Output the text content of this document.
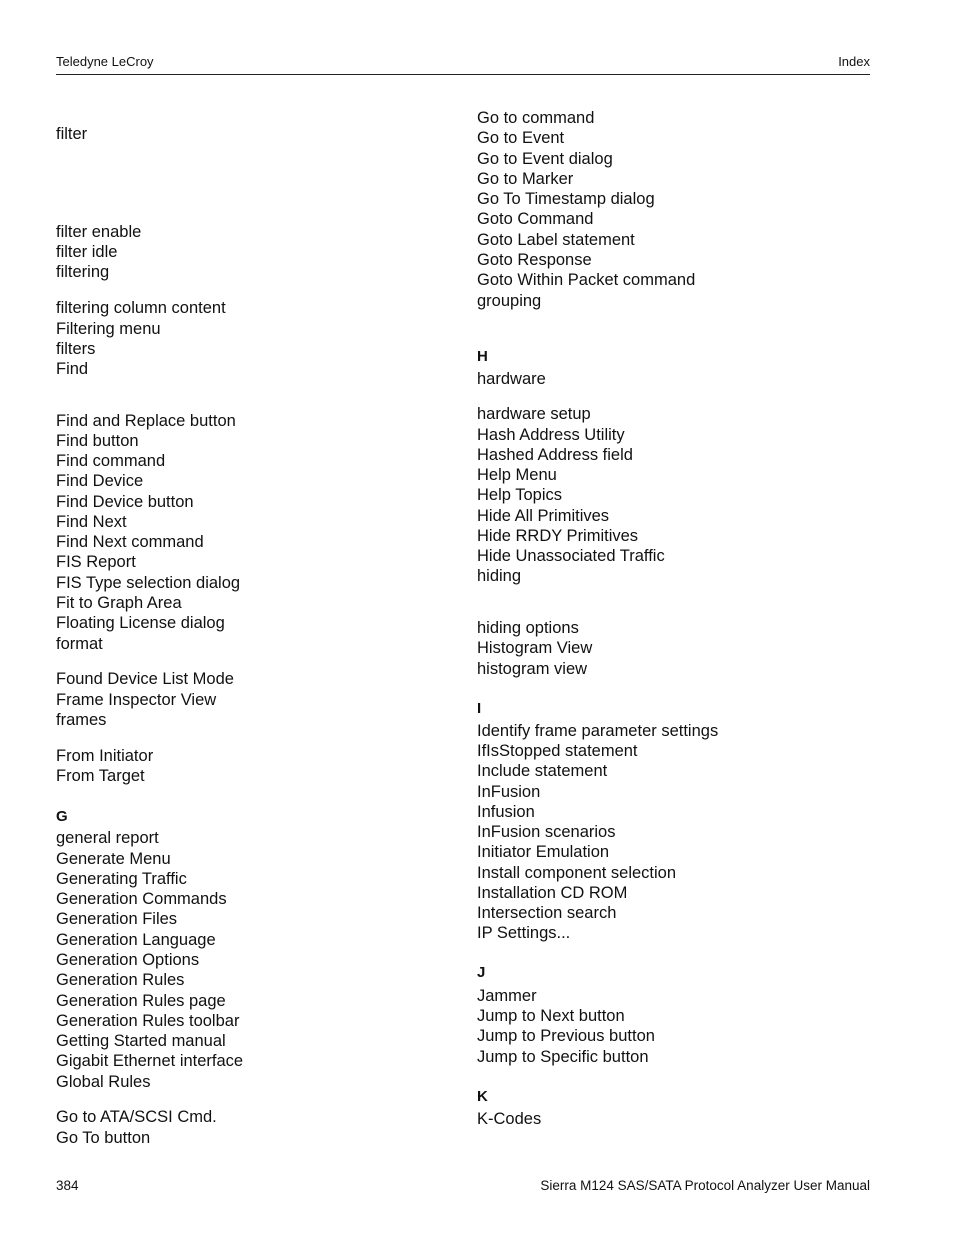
Teledyne LeCroy	Index
filter
filter enable
filter idle
filtering
filtering column content
Filtering menu
filters
Find
Find and Replace button
Find button
Find command
Find Device
Find Device button
Find Next
Find Next command
FIS Report
FIS Type selection dialog
Fit to Graph Area
Floating License dialog
format
Found Device List Mode
Frame Inspector View
frames
From Initiator
From Target
G
general report
Generate Menu
Generating Traffic
Generation Commands
Generation Files
Generation Language
Generation Options
Generation Rules
Generation Rules page
Generation Rules toolbar
Getting Started manual
Gigabit Ethernet interface
Global Rules
Go to ATA/SCSI Cmd.
Go To button
Go to command
Go to Event
Go to Event dialog
Go to Marker
Go To Timestamp dialog
Goto Command
Goto Label statement
Goto Response
Goto Within Packet command
grouping
H
hardware
hardware setup
Hash Address Utility
Hashed Address field
Help Menu
Help Topics
Hide All Primitives
Hide RRDY Primitives
Hide Unassociated Traffic
hiding
hiding options
Histogram View
histogram view
I
Identify frame parameter settings
IfIsStopped statement
Include statement
InFusion
Infusion
InFusion scenarios
Initiator Emulation
Install component selection
Installation CD ROM
Intersection search
IP Settings...
J
Jammer
Jump to Next button
Jump to Previous button
Jump to Specific button
K
K-Codes
384	Sierra M124 SAS/SATA Protocol Analyzer User Manual
